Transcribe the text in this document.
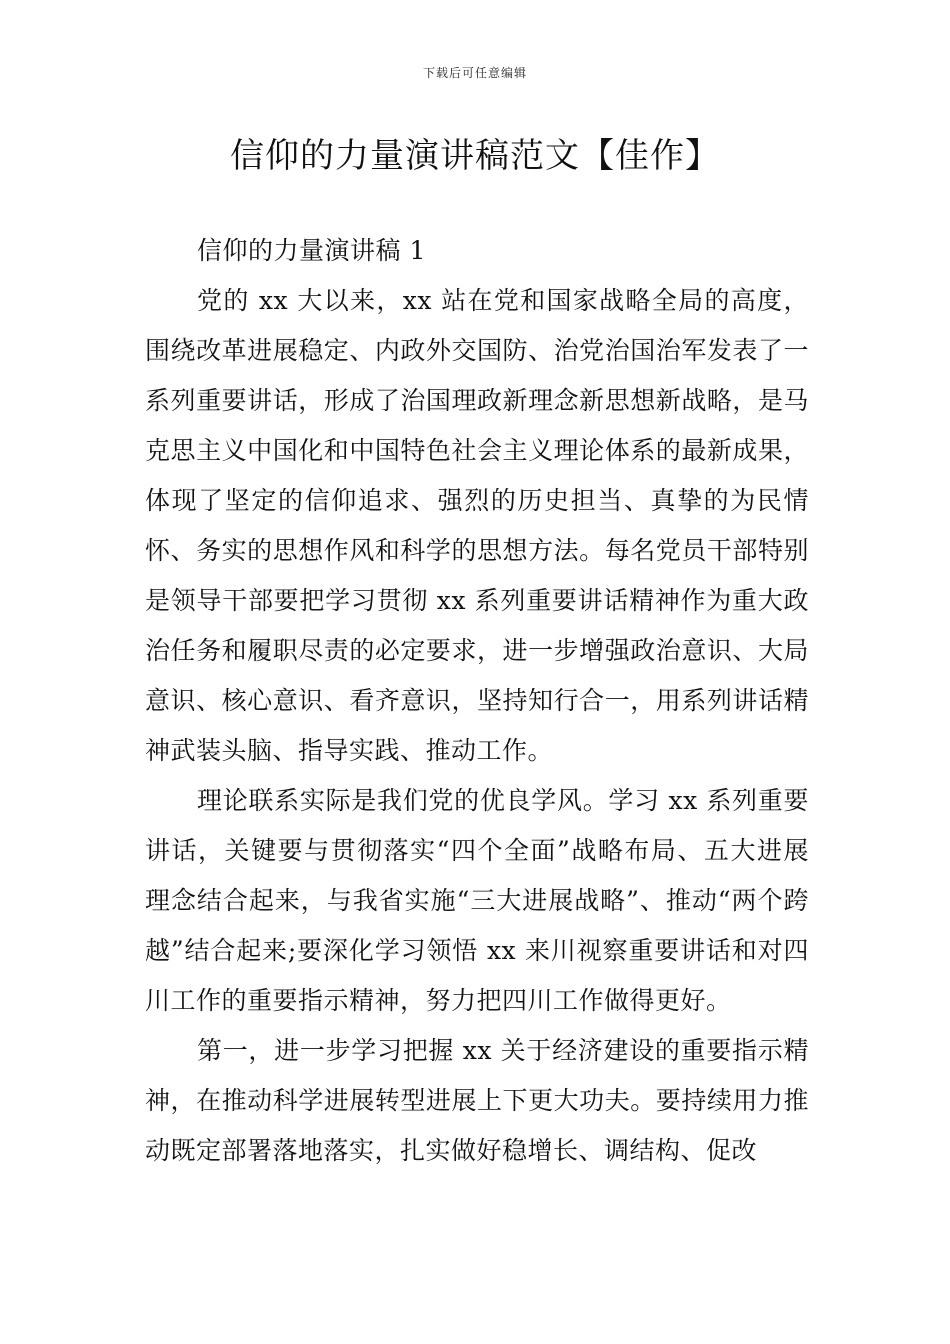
下载后可任意编辑
信仰的力量演讲稿范文【佳作】

信仰的力量演讲稿 1

党的 xx 大以来，xx 站在党和国家战略全局的高度，围绕改革进展稳定、内政外交国防、治党治国治军发表了一系列重要讲话，形成了治国理政新理念新思想新战略，是马克思主义中国化和中国特色社会主义理论体系的最新成果，体现了坚定的信仰追求、强烈的历史担当、真挚的为民情怀、务实的思想作风和科学的思想方法。每名党员干部特别是领导干部要把学习贯彻 xx 系列重要讲话精神作为重大政治任务和履职尽责的必定要求，进一步增强政治意识、大局意识、核心意识、看齐意识，坚持知行合一，用系列讲话精神武装头脑、指导实践、推动工作。

理论联系实际是我们党的优良学风。学习 xx 系列重要讲话，关键要与贯彻落实“四个全面”战略布局、五大进展理念结合起来，与我省实施“三大进展战略”、推动“两个跨越”结合起来;要深化学习领悟 xx 来川视察重要讲话和对四川工作的重要指示精神，努力把四川工作做得更好。

第一，进一步学习把握 xx 关于经济建设的重要指示精神，在推动科学进展转型进展上下更大功夫。要持续用力推动既定部署落地落实，扎实做好稳增长、调结构、促改
